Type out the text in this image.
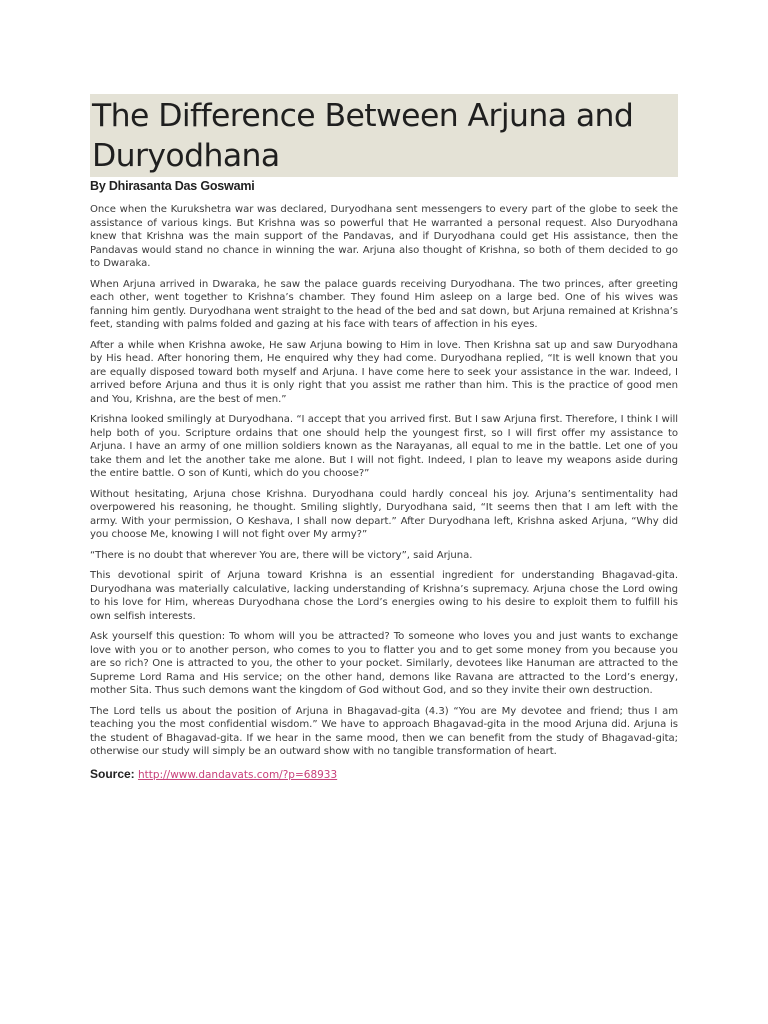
The Difference Between Arjuna and Duryodhana
By Dhirasanta Das Goswami

Once when the Kurukshetra war was declared, Duryodhana sent messengers to every part of the globe to seek the assistance of various kings. But Krishna was so powerful that He warranted a personal request. Also Duryodhana knew that Krishna was the main support of the Pandavas, and if Duryodhana could get His assistance, then the Pandavas would stand no chance in winning the war. Arjuna also thought of Krishna, so both of them decided to go to Dwaraka.

When Arjuna arrived in Dwaraka, he saw the palace guards receiving Duryodhana. The two princes, after greeting each other, went together to Krishna’s chamber. They found Him asleep on a large bed. One of his wives was fanning him gently. Duryodhana went straight to the head of the bed and sat down, but Arjuna remained at Krishna’s feet, standing with palms folded and gazing at his face with tears of affection in his eyes.

After a while when Krishna awoke, He saw Arjuna bowing to Him in love. Then Krishna sat up and saw Duryodhana by His head. After honoring them, He enquired why they had come. Duryodhana replied, “It is well known that you are equally disposed toward both myself and Arjuna. I have come here to seek your assistance in the war. Indeed, I arrived before Arjuna and thus it is only right that you assist me rather than him. This is the practice of good men and You, Krishna, are the best of men.”

Krishna looked smilingly at Duryodhana. “I accept that you arrived first. But I saw Arjuna first. Therefore, I think I will help both of you. Scripture ordains that one should help the youngest first, so I will first offer my assistance to Arjuna. I have an army of one million soldiers known as the Narayanas, all equal to me in the battle. Let one of you take them and let the another take me alone. But I will not fight. Indeed, I plan to leave my weapons aside during the entire battle. O son of Kunti, which do you choose?”

Without hesitating, Arjuna chose Krishna. Duryodhana could hardly conceal his joy. Arjuna’s sentimentality had overpowered his reasoning, he thought. Smiling slightly, Duryodhana said, “It seems then that I am left with the army. With your permission, O Keshava, I shall now depart.” After Duryodhana left, Krishna asked Arjuna, “Why did you choose Me, knowing I will not fight over My army?”

“There is no doubt that wherever You are, there will be victory”, said Arjuna.

This devotional spirit of Arjuna toward Krishna is an essential ingredient for understanding Bhagavad-gita. Duryodhana was materially calculative, lacking understanding of Krishna’s supremacy. Arjuna chose the Lord owing to his love for Him, whereas Duryodhana chose the Lord’s energies owing to his desire to exploit them to fulfill his own selfish interests.

Ask yourself this question: To whom will you be attracted? To someone who loves you and just wants to exchange love with you or to another person, who comes to you to flatter you and to get some money from you because you are so rich? One is attracted to you, the other to your pocket. Similarly, devotees like Hanuman are attracted to the Supreme Lord Rama and His service; on the other hand, demons like Ravana are attracted to the Lord’s energy, mother Sita. Thus such demons want the kingdom of God without God, and so they invite their own destruction.

The Lord tells us about the position of Arjuna in Bhagavad-gita (4.3) “You are My devotee and friend; thus I am teaching you the most confidential wisdom.” We have to approach Bhagavad-gita in the mood Arjuna did. Arjuna is the student of Bhagavad-gita. If we hear in the same mood, then we can benefit from the study of Bhagavad-gita; otherwise our study will simply be an outward show with no tangible transformation of heart.

Source: http://www.dandavats.com/?p=68933
